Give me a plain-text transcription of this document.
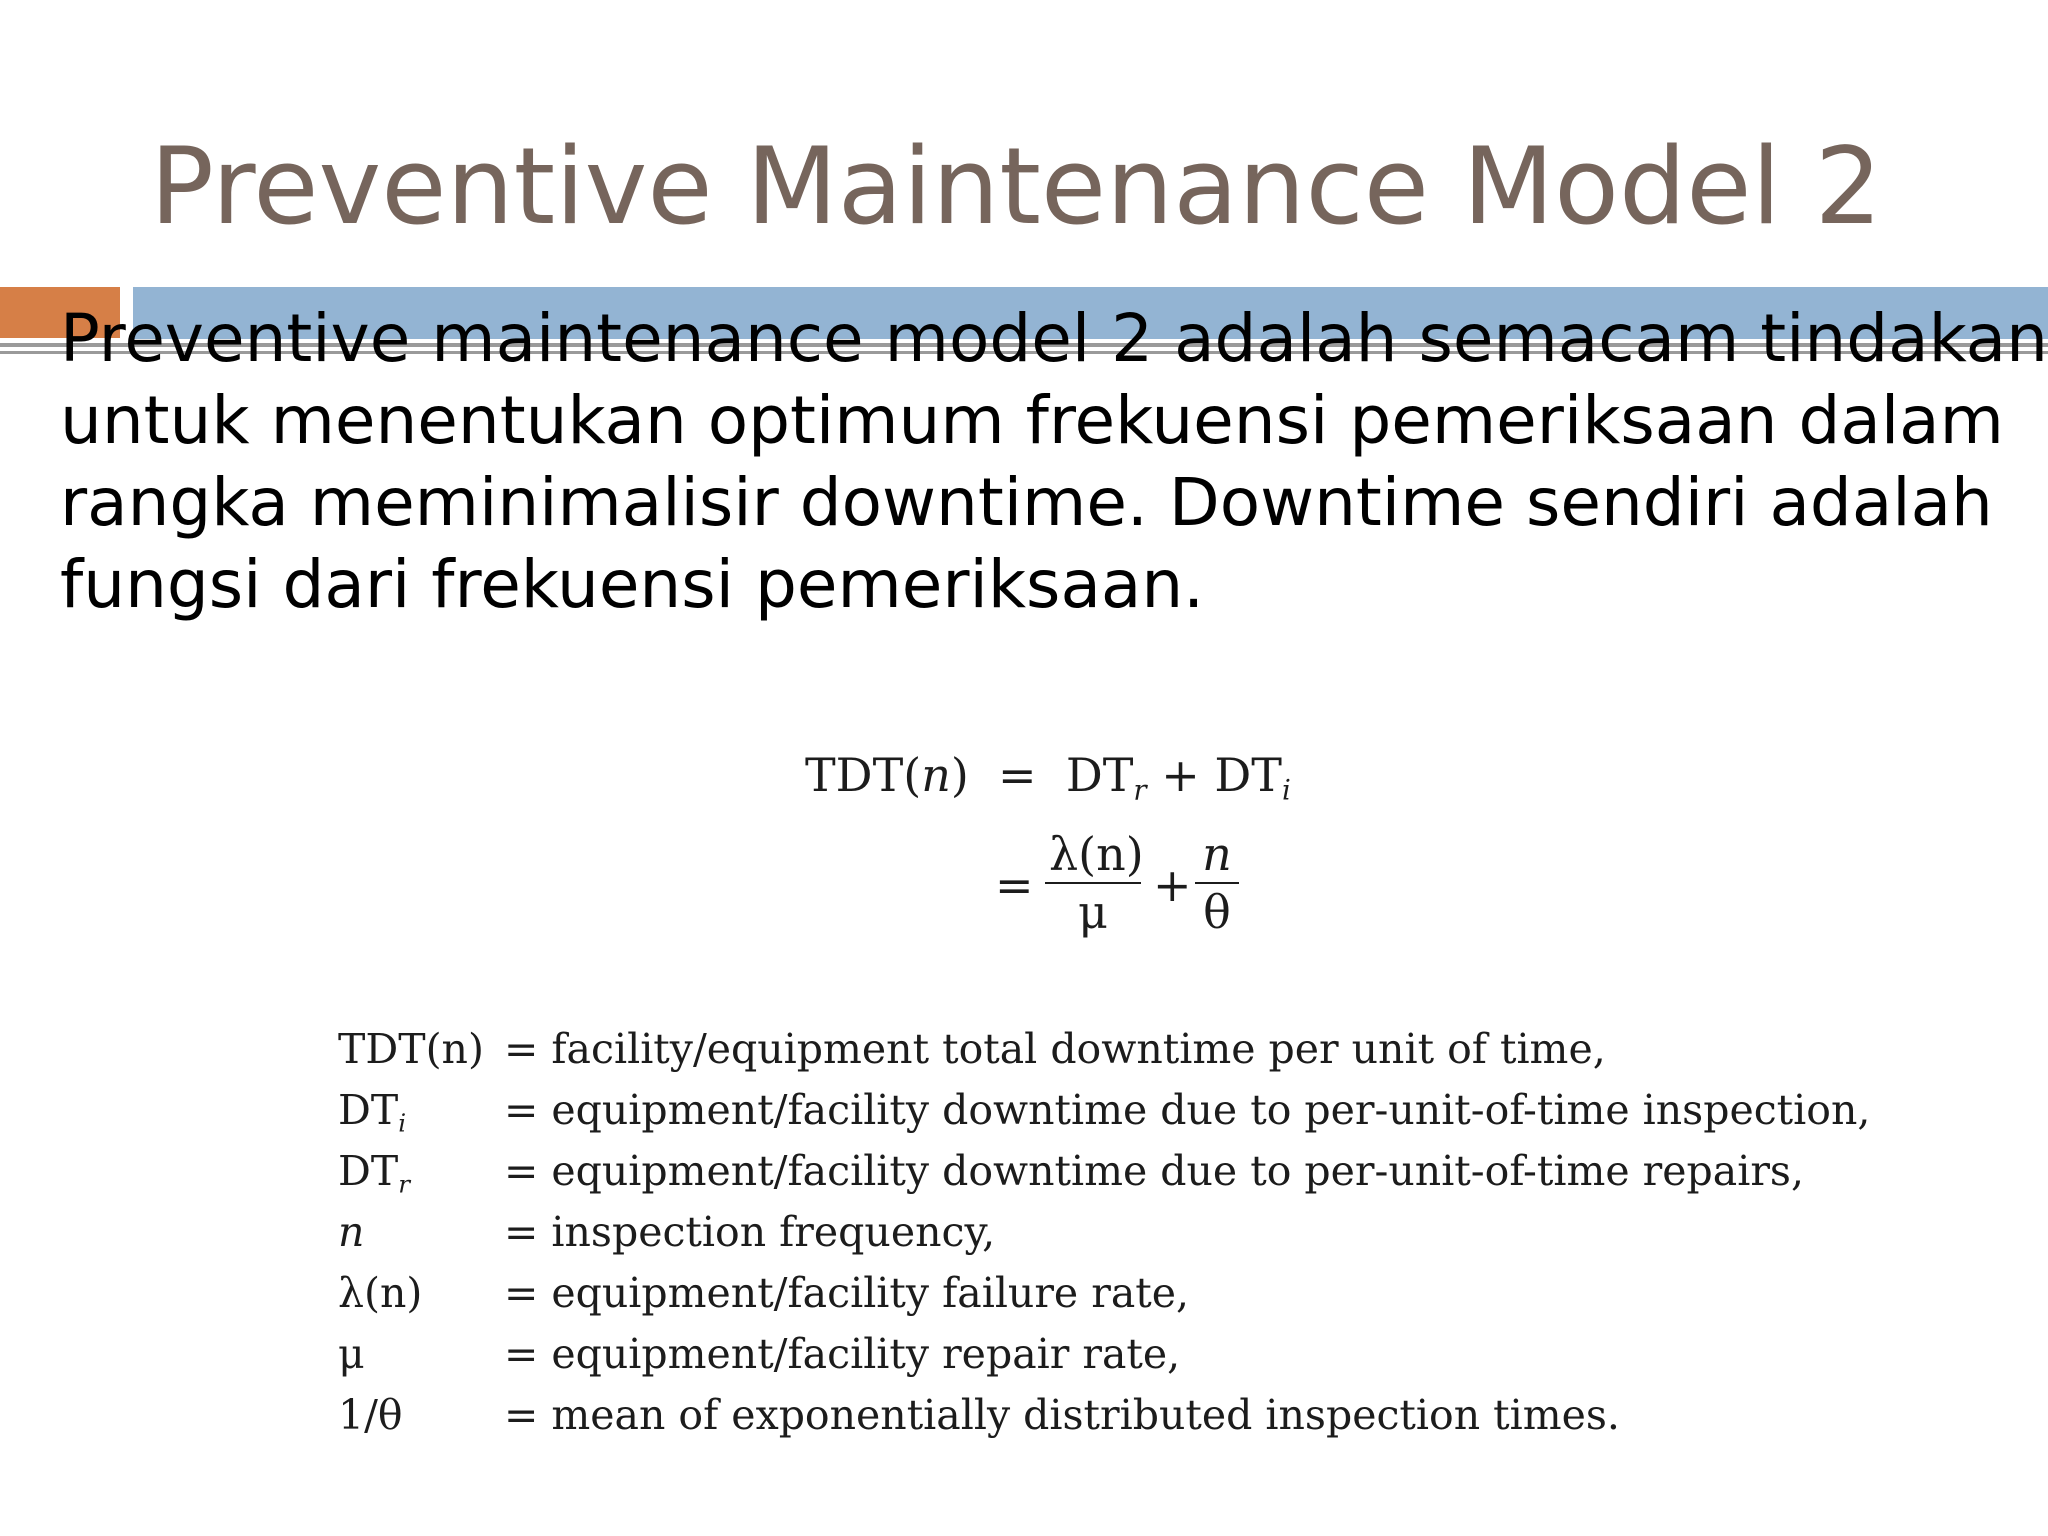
Preventive Maintenance Model 2
Preventive maintenance model 2 adalah semacam tindakan
untuk menentukan optimum frekuensi pemeriksaan dalam
rangka meminimalisir downtime. Downtime sendiri adalah
fungsi dari frekuensi pemeriksaan.
$TDT(n) = DT_r + DT_i$
= $\frac{\lambda(n)}{\mu} + \frac{n}{\theta}$
TDT(n) = facility/equipment total downtime per unit of time,
$DT_i$ = equipment/facility downtime due to per-unit-of-time inspection,
$DT_r$ = equipment/facility downtime due to per-unit-of-time repairs,
n	= inspection frequency,
λ(n) = equipment/facility failure rate,
μ	= equipment/facility repair rate,
1/θ = mean of exponentially distributed inspection times.
